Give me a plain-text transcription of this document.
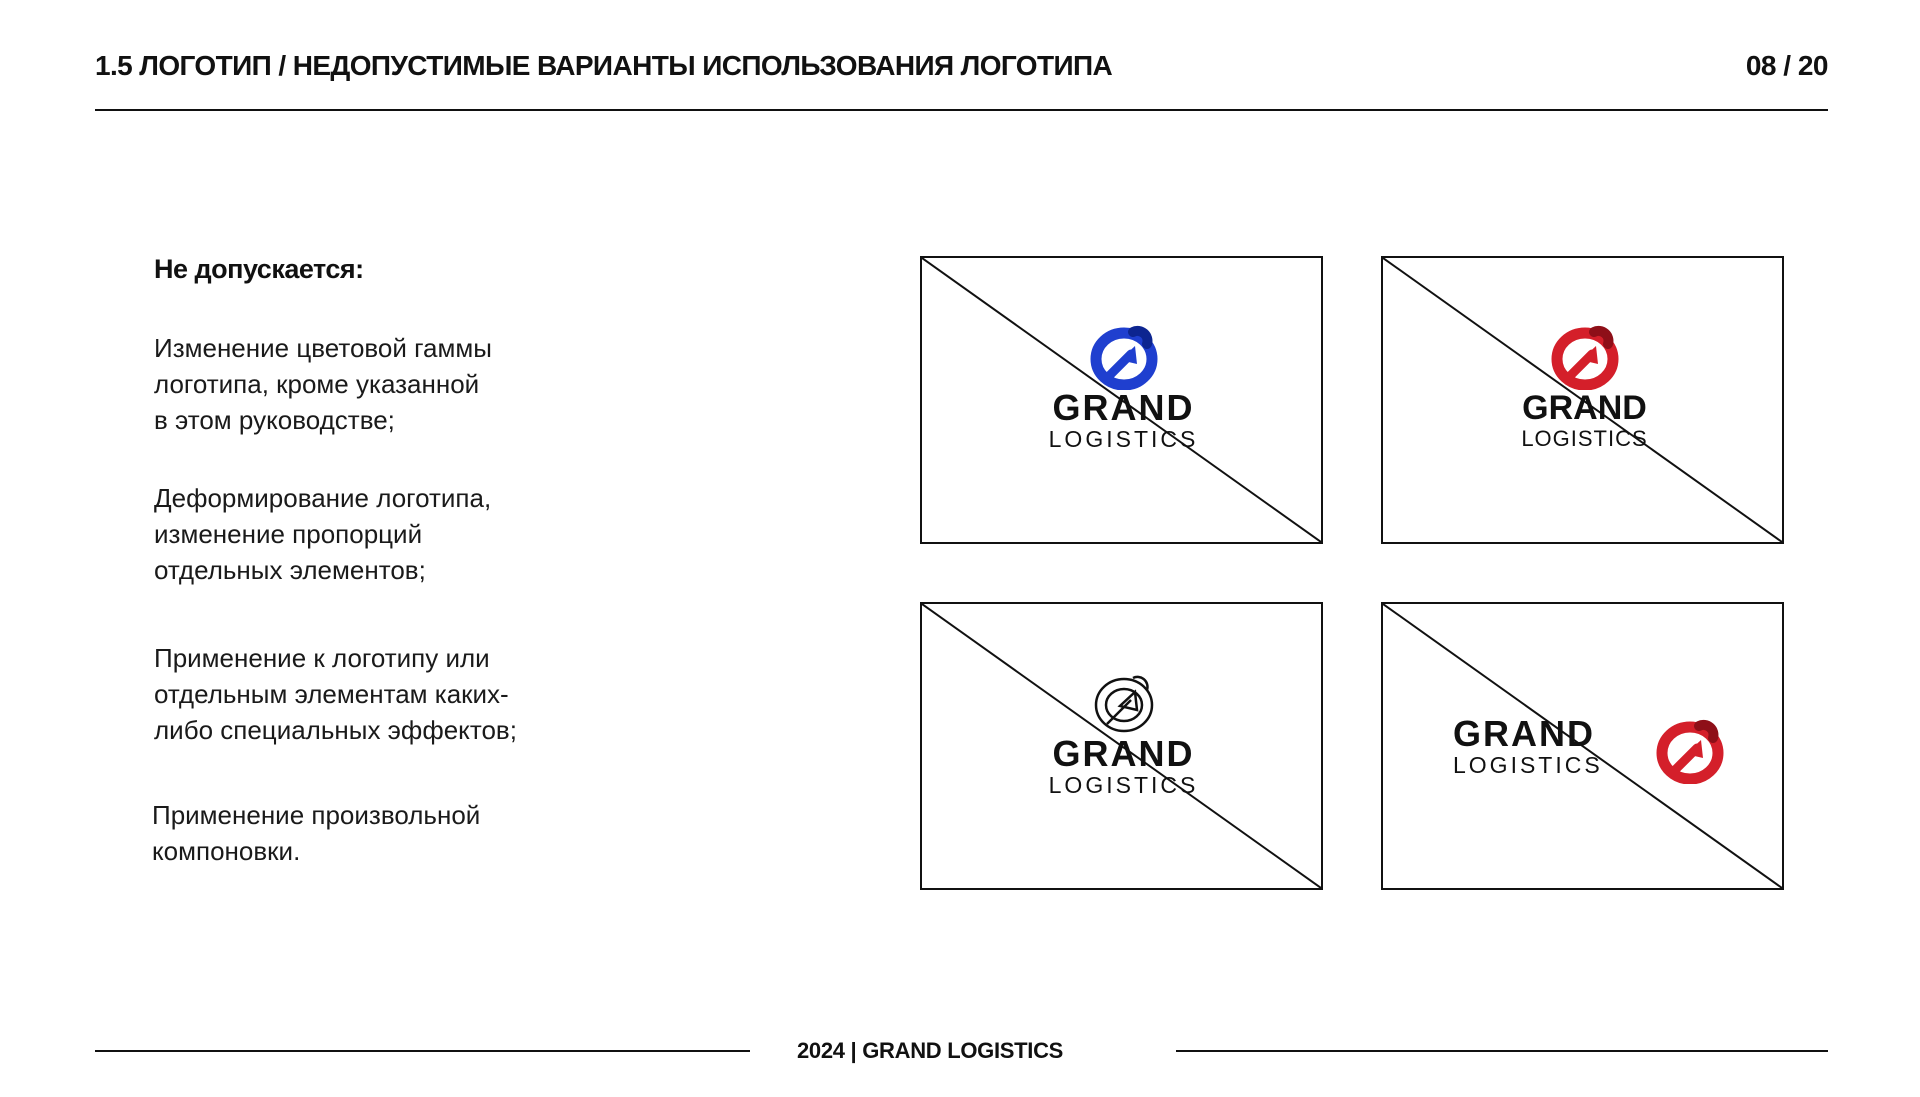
1.5 ЛОГОТИП / НЕДОПУСТИМЫЕ ВАРИАНТЫ ИСПОЛЬЗОВАНИЯ ЛОГОТИПА	08 / 20
Не допускается:

Изменение цветовой гаммы
логотипа, кроме указанной
в этом руководстве;

Деформирование логотипа,
изменение пропорций
отдельных элементов;

Применение к логотипу или
отдельным элементам каких-
либо специальных эффектов;

Применение произвольной
компоновки.

GRAND
LOGISTICS
GRAND
LOGISTICS
GRAND
LOGISTICS
GRAND
LOGISTICS
2024 | GRAND LOGISTICS
